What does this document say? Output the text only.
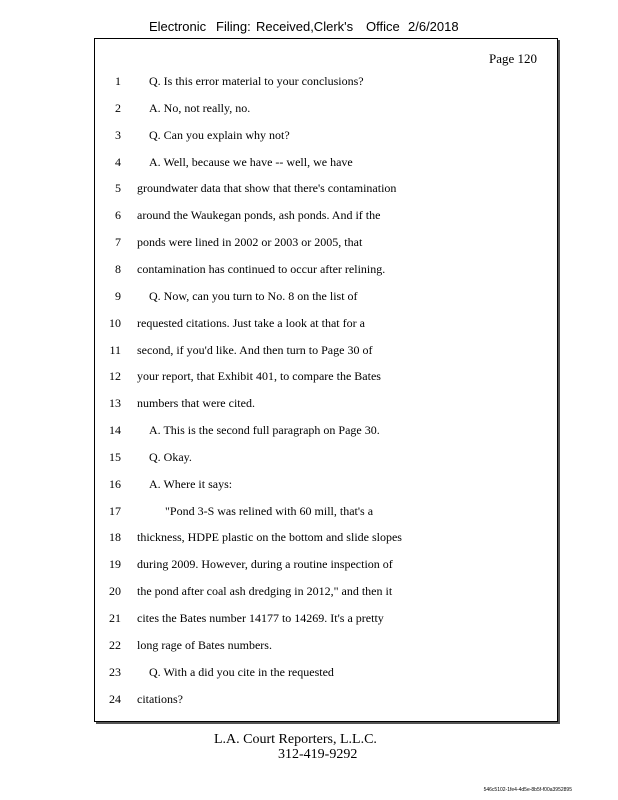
Electronic Filing: Received,Clerk's Office 2/6/2018
Page 120
1 Q. Is this error material to your conclusions?
2 A. No, not really, no.
3 Q. Can you explain why not?
4 A. Well, because we have -- well, we have
5 groundwater data that show that there's contamination
6 around the Waukegan ponds, ash ponds. And if the
7 ponds were lined in 2002 or 2003 or 2005, that
8 contamination has continued to occur after relining.
9 Q. Now, can you turn to No. 8 on the list of
10 requested citations. Just take a look at that for a
11 second, if you'd like. And then turn to Page 30 of
12 your report, that Exhibit 401, to compare the Bates
13 numbers that were cited.
14 A. This is the second full paragraph on Page 30.
15 Q. Okay.
16 A. Where it says:
17	"Pond 3-S was relined with 60 mill, that's a
18 thickness, HDPE plastic on the bottom and slide slopes
19 during 2009. However, during a routine inspection of
20 the pond after coal ash dredging in 2012," and then it
21 cites the Bates number 14177 to 14269. It's a pretty
22 long rage of Bates numbers.
23 Q. With a did you cite in the requested
24 citations?
L.A. Court Reporters, L.L.C.
312-419-9292
546c5102-1fe4-4d5e-8b5f-f00a3952895
